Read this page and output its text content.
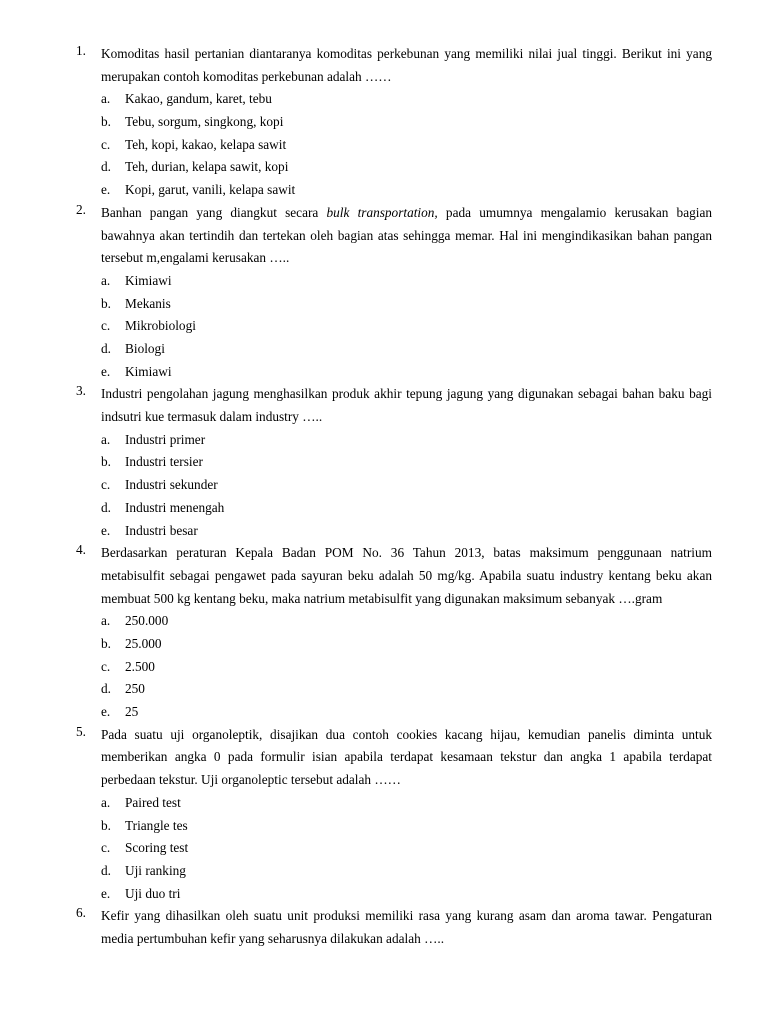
1. Komoditas hasil pertanian diantaranya komoditas perkebunan yang memiliki nilai jual tinggi. Berikut ini yang merupakan contoh komoditas perkebunan adalah ……
a. Kakao, gandum, karet, tebu
b. Tebu, sorgum, singkong, kopi
c. Teh, kopi, kakao, kelapa sawit
d. Teh, durian, kelapa sawit, kopi
e. Kopi, garut, vanili, kelapa sawit
2. Banhan pangan yang diangkut secara bulk transportation, pada umumnya mengalamio kerusakan bagian bawahnya akan tertindih dan tertekan oleh bagian atas sehingga memar. Hal ini mengindikasikan bahan pangan tersebut m,engalami kerusakan …..
a. Kimiawi
b. Mekanis
c. Mikrobiologi
d. Biologi
e. Kimiawi
3. Industri pengolahan jagung menghasilkan produk akhir tepung jagung yang digunakan sebagai bahan baku bagi indsutri kue termasuk dalam industry …..
a. Industri primer
b. Industri tersier
c. Industri sekunder
d. Industri menengah
e. Industri besar
4. Berdasarkan peraturan Kepala Badan POM No. 36 Tahun 2013, batas maksimum penggunaan natrium metabisulfit sebagai pengawet pada sayuran beku adalah 50 mg/kg. Apabila suatu industry kentang beku akan membuat 500 kg kentang beku, maka natrium metabisulfit yang digunakan maksimum sebanyak ….gram
a. 250.000
b. 25.000
c. 2.500
d. 250
e. 25
5. Pada suatu uji organoleptik, disajikan dua contoh cookies kacang hijau, kemudian panelis diminta untuk memberikan angka 0 pada formulir isian apabila terdapat kesamaan tekstur dan angka 1 apabila terdapat perbedaan tekstur. Uji organoleptic tersebut adalah ……
a. Paired test
b. Triangle tes
c. Scoring test
d. Uji ranking
e. Uji duo tri
6. Kefir yang dihasilkan oleh suatu unit produksi memiliki rasa yang kurang asam dan aroma tawar. Pengaturan media pertumbuhan kefir yang seharusnya dilakukan adalah …..
